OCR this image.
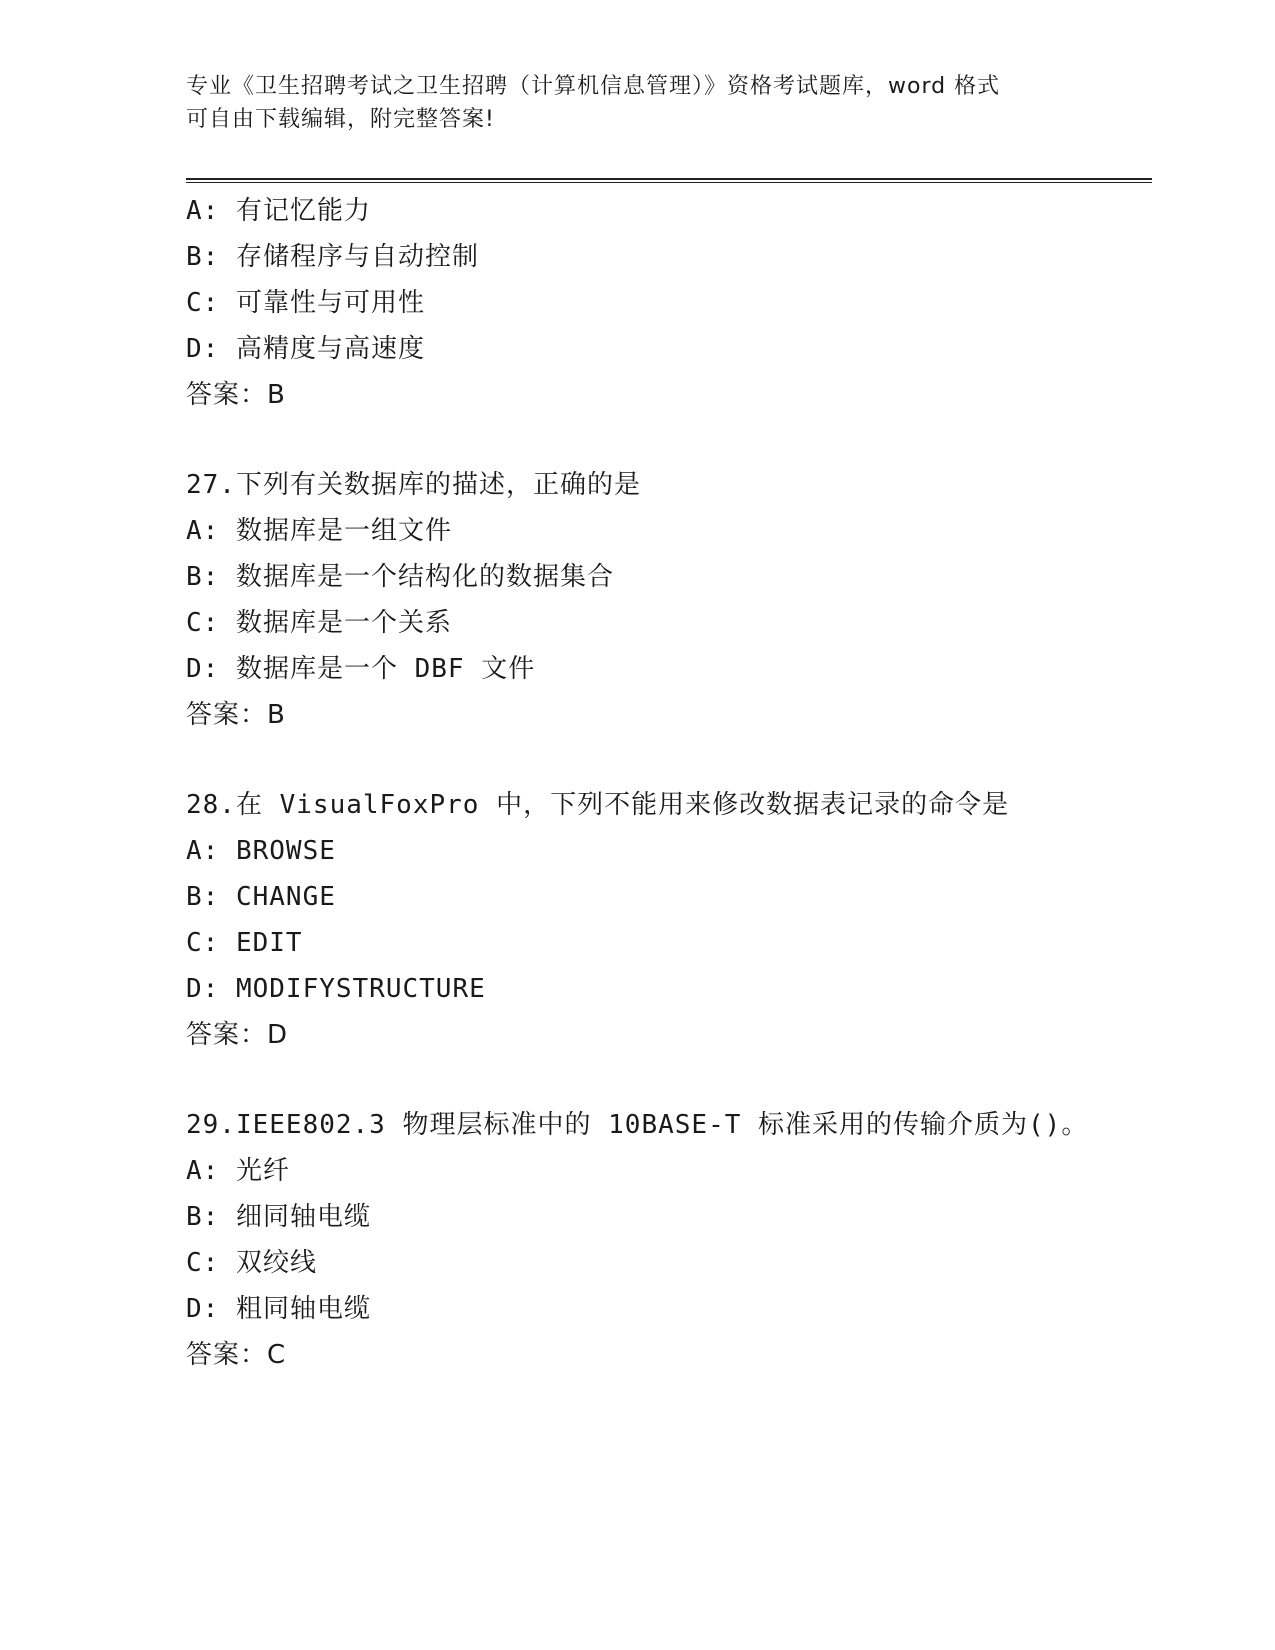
专业《卫生招聘考试之卫生招聘（计算机信息管理）》资格考试题库，word 格式
可自由下载编辑，附完整答案!
A: 有记忆能力
B: 存储程序与自动控制
C: 可靠性与可用性
D: 高精度与高速度
答案：B
27.下列有关数据库的描述，正确的是
A: 数据库是一组文件
B: 数据库是一个结构化的数据集合
C: 数据库是一个关系
D: 数据库是一个 DBF 文件
答案：B
28.在 VisualFoxPro 中，下列不能用来修改数据表记录的命令是
A: BROWSE
B: CHANGE
C: EDIT
D: MODIFYSTRUCTURE
答案：D
29.IEEE802.3 物理层标准中的 10BASE-T 标准采用的传输介质为()。
A: 光纤
B: 细同轴电缆
C: 双绞线
D: 粗同轴电缆
答案：C
